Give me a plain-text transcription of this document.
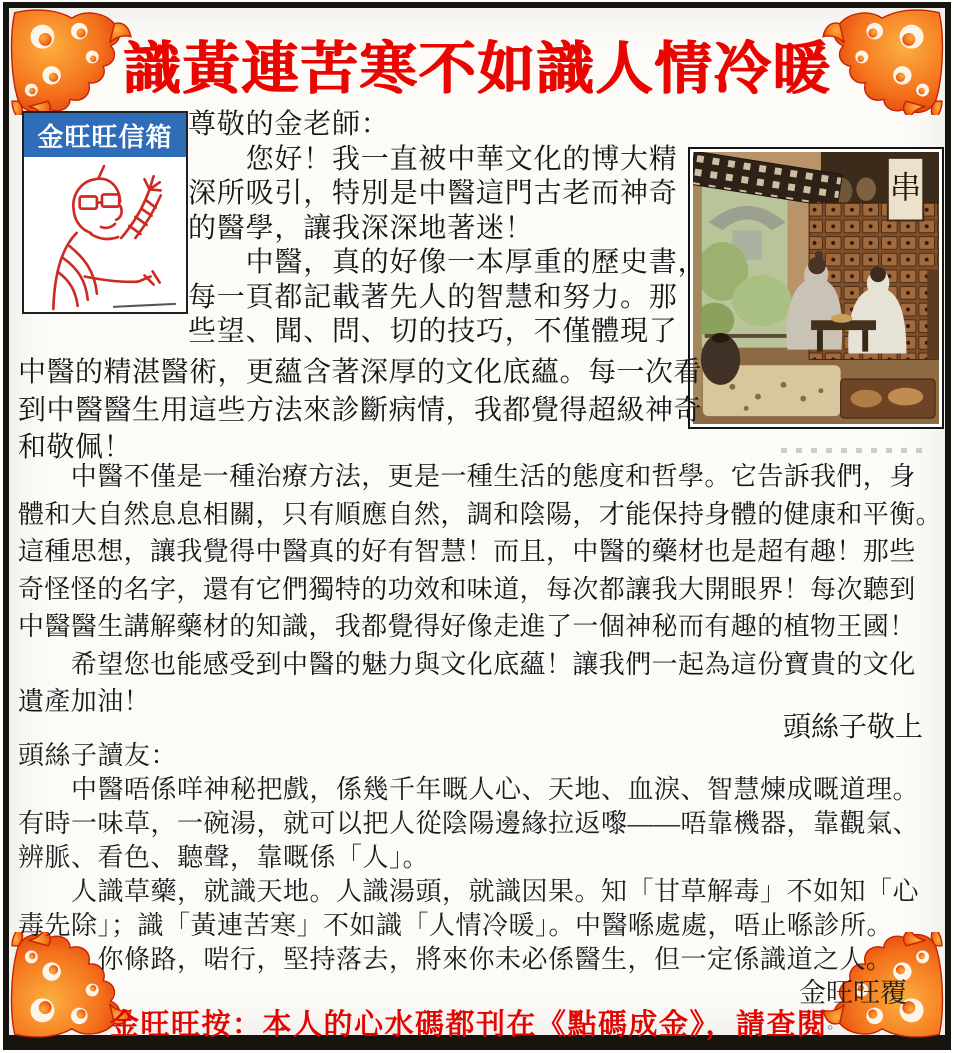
識黃連苦寒不如識人情冷暖
金旺旺信箱
串
尊敬的金老師：
　　您好！我一直被中華文化的博大精
深所吸引，特別是中醫這門古老而神奇
的醫學，讓我深深地著迷！
　　中醫，真的好像一本厚重的歷史書，
每一頁都記載著先人的智慧和努力。那
些望、聞、問、切的技巧，不僅體現了
中醫的精湛醫術，更蘊含著深厚的文化底蘊。每一次看
到中醫醫生用這些方法來診斷病情，我都覺得超級神奇
和敬佩！
　　中醫不僅是一種治療方法，更是一種生活的態度和哲學。它告訴我們，身
體和大自然息息相關，只有順應自然，調和陰陽，才能保持身體的健康和平衡。
這種思想，讓我覺得中醫真的好有智慧！而且，中醫的藥材也是超有趣！那些
奇怪怪的名字，還有它們獨特的功效和味道，每次都讓我大開眼界！每次聽到
中醫醫生講解藥材的知識，我都覺得好像走進了一個神秘而有趣的植物王國！
　　希望您也能感受到中醫的魅力與文化底蘊！讓我們一起為這份寶貴的文化
遺產加油！
頭絲子敬上
頭絲子讀友：
　　中醫唔係咩神秘把戲，係幾千年嘅人心、天地、血淚、智慧煉成嘅道理。
有時一味草，一碗湯，就可以把人從陰陽邊緣拉返嚟——唔靠機器，靠觀氣、
辨脈、看色、聽聲，靠嘅係「人」。
　　人識草藥，就識天地。人識湯頭，就識因果。知「甘草解毒」不如知「心
毒先除」；識「黃連苦寒」不如識「人情冷暖」。中醫喺處處，唔止喺診所。
　　　你條路，啱行，堅持落去，將來你未必係醫生，但一定係識道之人。
金旺旺覆
金旺旺按：本人的心水碼都刊在《點碼成金》，請查閱。
